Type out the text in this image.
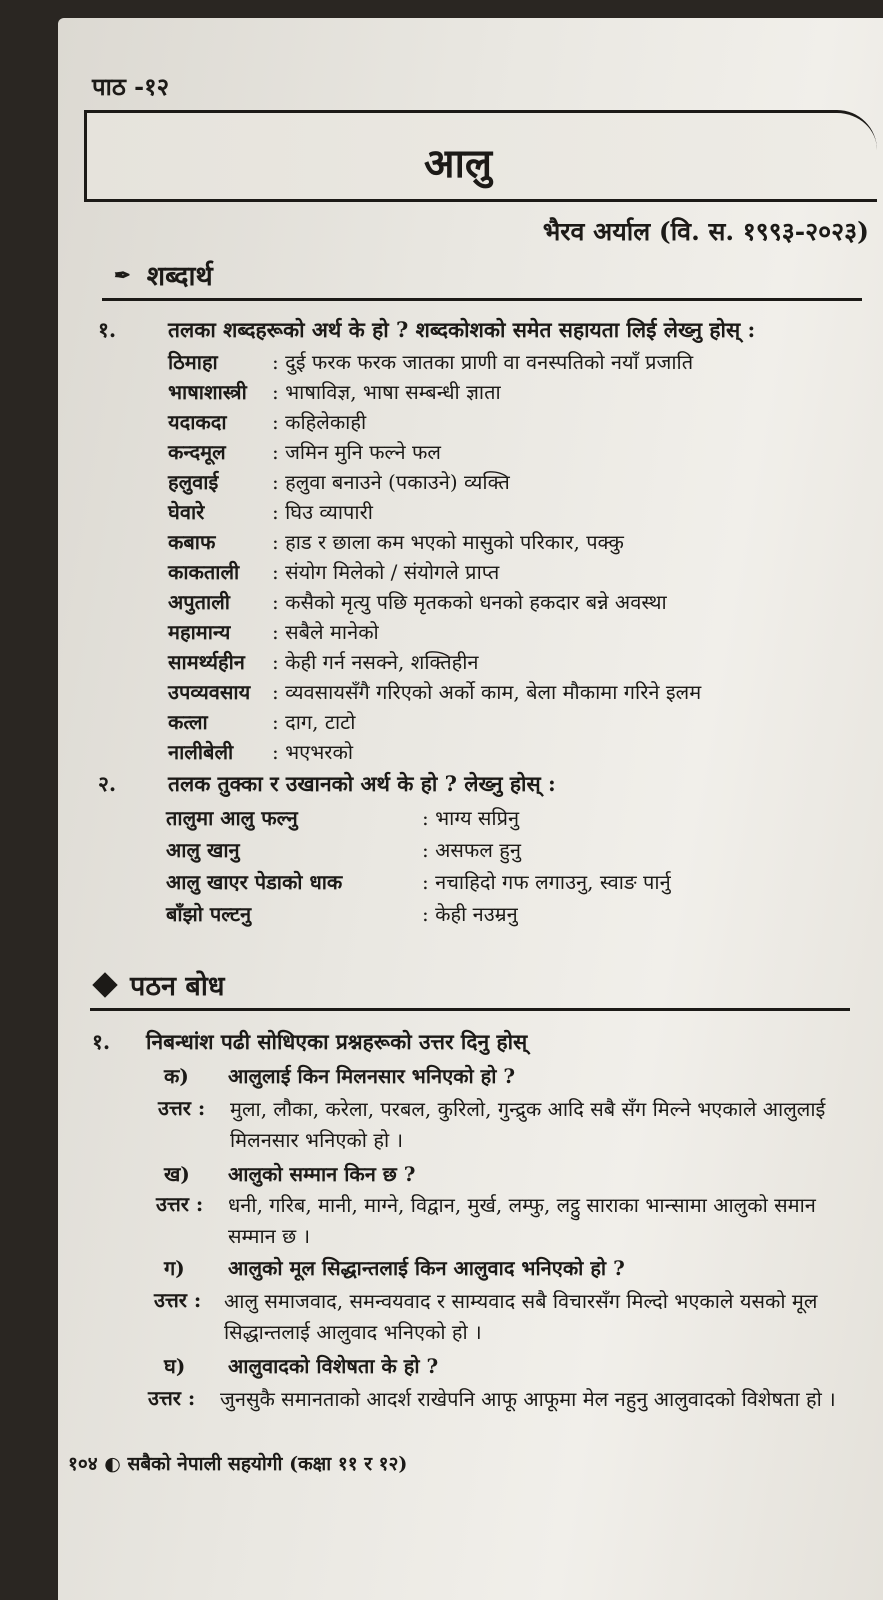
पाठ -१२
आलु
भैरव अर्याल (वि. स. १९९३-२०२३)
✒ शब्दार्थ
१. तलका शब्दहरूको अर्थ के हो ? शब्दकोशको समेत सहायता लिई लेख्नु होस् :
ठिमाहा	: दुई फरक फरक जातका प्राणी वा वनस्पतिको नयाँ प्रजाति
भाषाशास्त्री : भाषाविज्ञ, भाषा सम्बन्धी ज्ञाता
यदाकदा : कहिलेकाही
कन्दमूल : जमिन मुनि फल्ने फल
हलुवाई	: हलुवा बनाउने (पकाउने) व्यक्ति
घेवारे	: घिउ व्यापारी
कबाफ	: हाड र छाला कम भएको मासुको परिकार, पक्कु
काकताली : संयोग मिलेको / संयोगले प्राप्त
अपुताली : कसैको मृत्यु पछि मृतकको धनको हकदार बन्ने अवस्था
महामान्य : सबैले मानेको
सामर्थ्यहीन : केही गर्न नसक्ने, शक्तिहीन
उपव्यवसाय : व्यवसायसँगै गरिएको अर्को काम, बेला मौकामा गरिने इलम
कत्ला	: दाग, टाटो
नालीबेली : भएभरको
२. तलक तुक्का र उखानको अर्थ के हो ? लेख्नु होस् :
तालुमा आलु फल्नु	: भाग्य सप्रिनु
आलु खानु	: असफल हुनु
आलु खाएर पेडाको धाक	: नचाहिदो गफ लगाउनु, स्वाङ पार्नु
बाँझो पल्टनु	: केही नउम्रनु
पठन बोध
१. निबन्धांश पढी सोधिएका प्रश्नहरूको उत्तर दिनु होस्
क) आलुलाई किन मिलनसार भनिएको हो ?
उत्तर : मुला, लौका, करेला, परबल, कुरिलो, गुन्द्रुक आदि सबै सँग मिल्ने भएकाले आलुलाई मिलनसार भनिएको हो ।
ख) आलुको सम्मान किन छ ?
उत्तर : धनी, गरिब, मानी, माग्ने, विद्वान, मुर्ख, लम्फु, लट्ठु साराका भान्सामा आलुको समान सम्मान छ ।
ग) आलुको मूल सिद्धान्तलाई किन आलुवाद भनिएको हो ?
उत्तर : आलु समाजवाद, समन्वयवाद र साम्यवाद सबै विचारसँग मिल्दो भएकाले यसको मूल सिद्धान्तलाई आलुवाद भनिएको हो ।
घ) आलुवादको विशेषता के हो ?
उत्तर : जुनसुकै समानताको आदर्श राखेपनि आफू आफूमा मेल नहुनु आलुवादको विशेषता हो ।
१०४ ◐ सबैको नेपाली सहयोगी (कक्षा ११ र १२)
